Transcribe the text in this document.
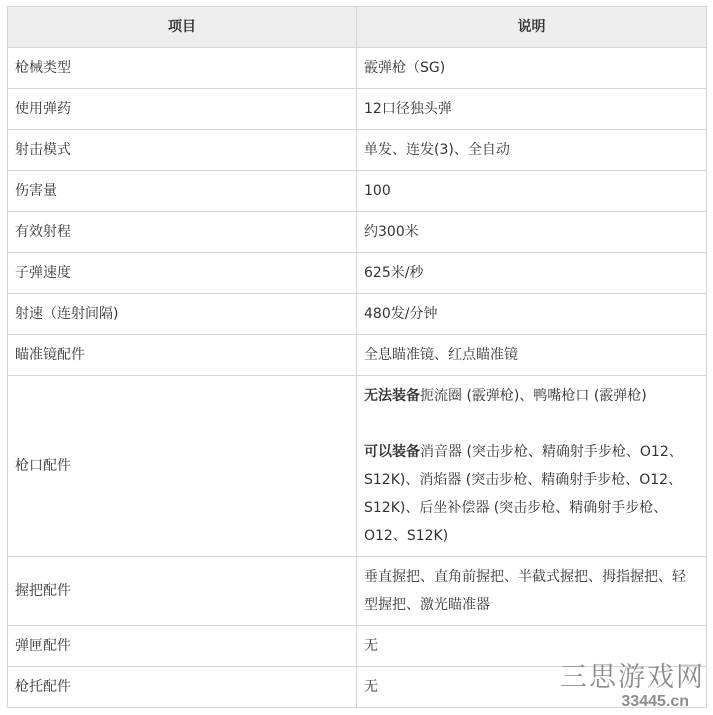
项目	说明
枪械类型	霰弹枪（SG)
使用弹药	12口径独头弹
射击模式	单发、连发(3)、全自动
伤害量	100
有效射程	约300米
子弹速度	625米/秒
射速（连射间隔)	480发/分钟
瞄准镜配件	全息瞄准镜、红点瞄准镜
枪口配件	无法装备扼流圈 (霰弹枪)、鸭嘴枪口 (霰弹枪)
可以装备消音器 (突击步枪、精确射手步枪、O12、S12K)、消焰器 (突击步枪、精确射手步枪、O12、S12K)、后坐补偿器 (突击步枪、精确射手步枪、O12、S12K)

握把配件	垂直握把、直角前握把、半截式握把、拇指握把、轻型握把、激光瞄准器
弹匣配件	无
枪托配件	无	三思游戏网
33445.cn
